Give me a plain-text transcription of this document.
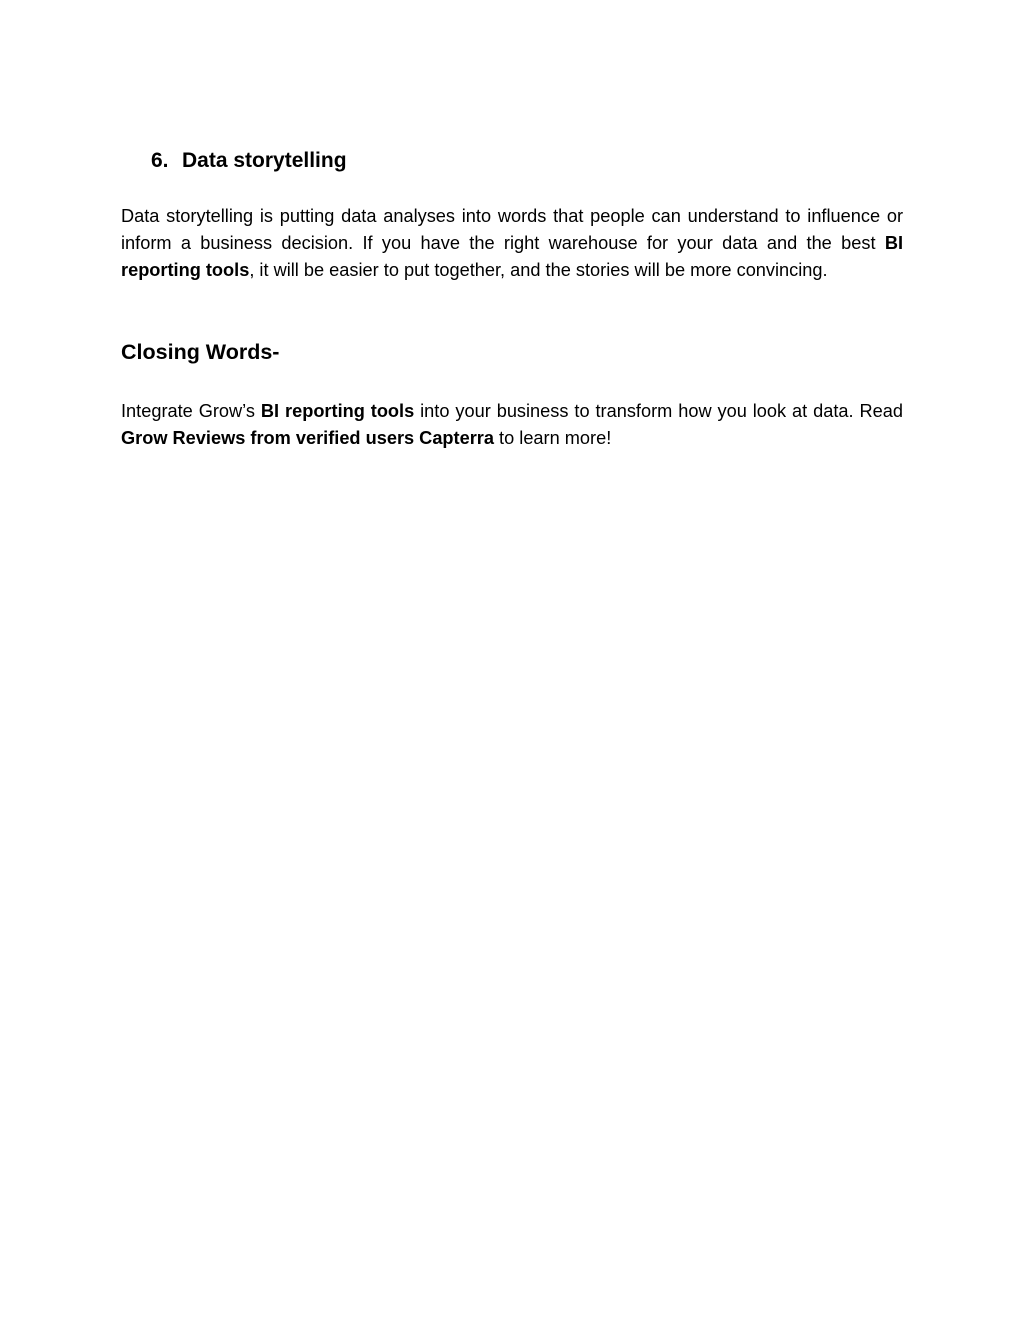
6. Data storytelling

Data storytelling is putting data analyses into words that people can understand to influence or inform a business decision. If you have the right warehouse for your data and the best BI reporting tools, it will be easier to put together, and the stories will be more convincing.

Closing Words-

Integrate Grow’s BI reporting tools into your business to transform how you look at data. Read Grow Reviews from verified users Capterra to learn more!
